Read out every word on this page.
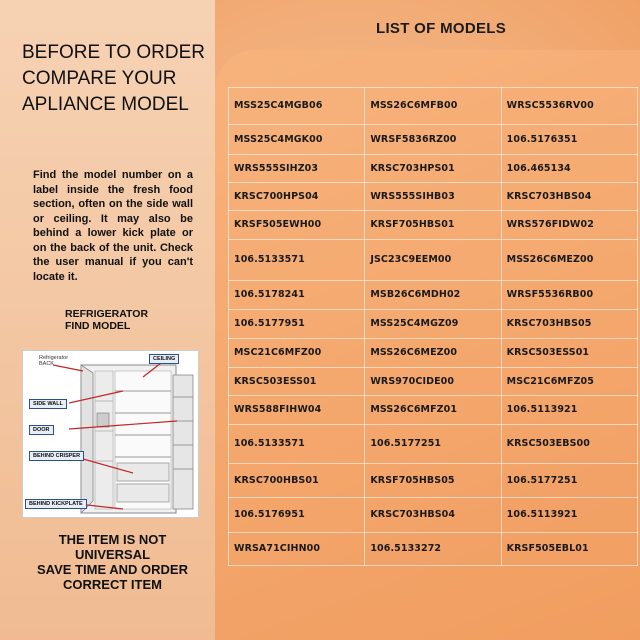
LIST OF MODELS
BEFORE TO ORDER
COMPARE YOUR
APLIANCE MODEL
Find the model number on a label inside the fresh food section, often on the side wall or ceiling. It may also be behind a lower kick plate or on the back of the unit. Check the user manual if you can't locate it.
REFRIGERATOR
FIND MODEL
Refrigerator BACK
CEILING
SIDE WALL
DOOR
BEHIND CRISPER
BEHIND KICKPLATE
THE ITEM IS NOT
UNIVERSAL
SAVE TIME AND ORDER
CORRECT ITEM
MSS25C4MGB06	MSS26C6MFB00	WRSC5536RV00
MSS25C4MGK00	WRSF5836RZ00	106.5176351
WRS555SIHZ03	KRSC703HPS01	106.465134
KRSC700HPS04	WRS555SIHB03	KRSC703HBS04
KRSF505EWH00	KRSF705HBS01	WRS576FIDW02
106.5133571	JSC23C9EEM00	MSS26C6MEZ00
106.5178241	MSB26C6MDH02	WRSF5536RB00
106.5177951	MSS25C4MGZ09	KRSC703HBS05
MSC21C6MFZ00	MSS26C6MEZ00	KRSC503ESS01
KRSC503ESS01	WRS970CIDE00	MSC21C6MFZ05
WRS588FIHW04	MSS26C6MFZ01	106.5113921
106.5133571	106.5177251	KRSC503EBS00
KRSC700HBS01	KRSF705HBS05	106.5177251
106.5176951	KRSC703HBS04	106.5113921
WRSA71CIHN00	106.5133272	KRSF505EBL01
